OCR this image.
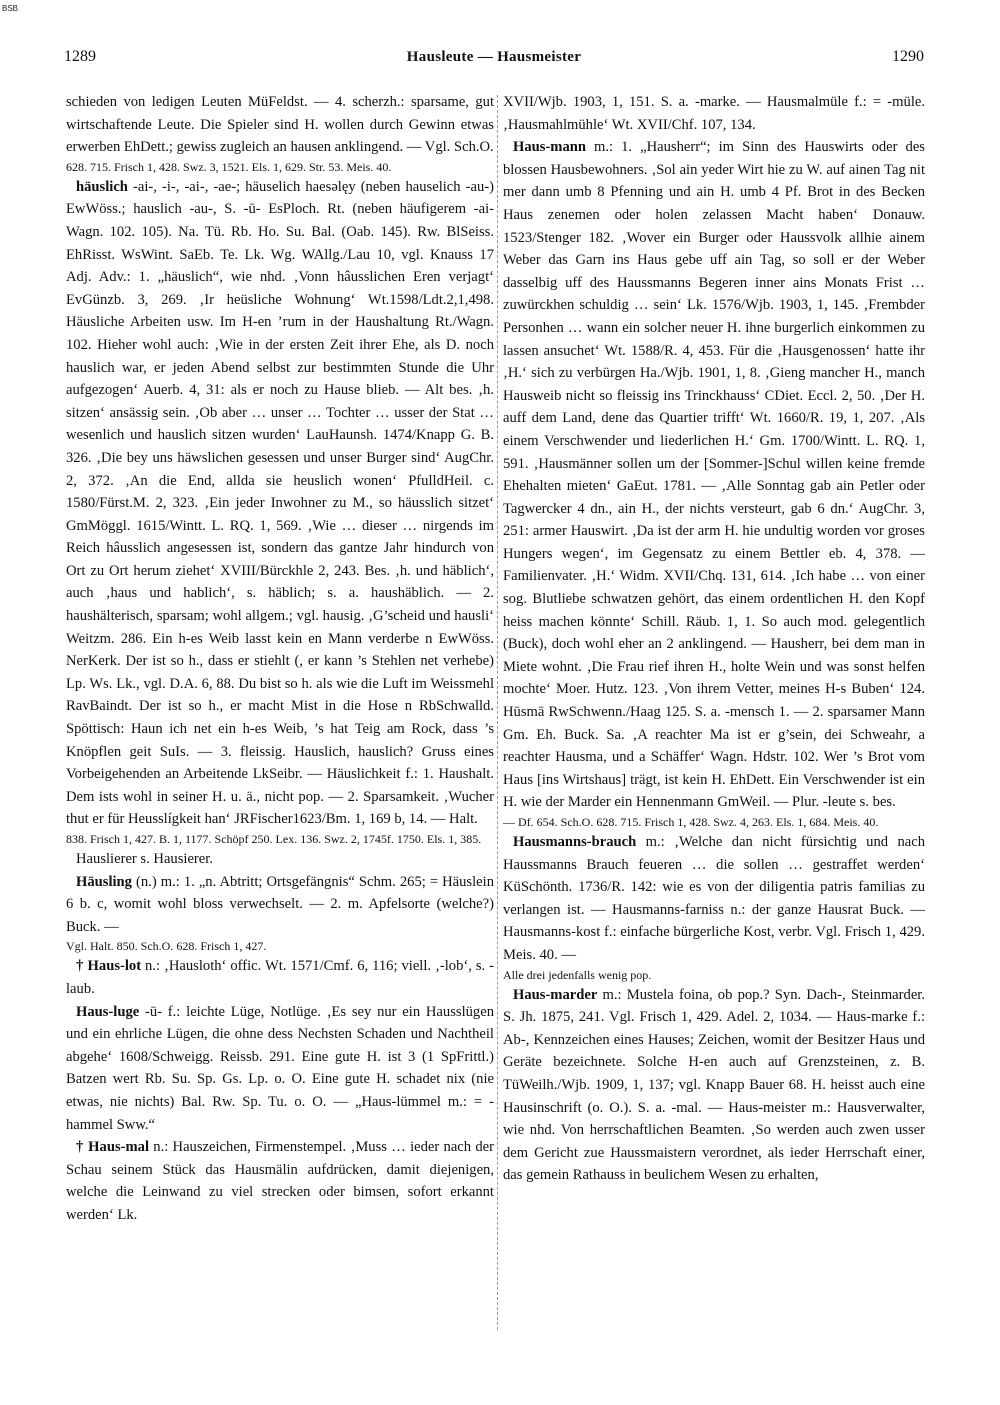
BSB
1289	Hausleute — Hausmeister	1290

schieden von ledigen Leuten MüFeldst. — 4. scherzh.: sparsame, gut wirtschaftende Leute. Die Spieler sind H. wollen durch Gewinn etwas erwerben EhDett.; gewiss zugleich an hausen anklingend. — Vgl. Sch.O.

628. 715. Frisch 1, 428. Swz. 3, 1521. Els. 1, 629. Str. 53. Meis. 40.

häuslich -ai-, -i-, -ai-, -ae-; häuselich haesəlęy (neben hauselich -au-) EwWöss.; hauslich -au-, S. -ū- EsPloch. Rt. (neben häufigerem -ai- Wagn. 102. 105). Na. Tü. Rb. Ho. Su. Bal. (Oab. 145). Rw. BlSeiss. EhRisst. WsWint. SaEb. Te. Lk. Wg. WAllg./Lau 10, vgl. Knauss 17 Adj. Adv.: 1. „häuslich“, wie nhd. ‚Vonn hâusslichen Eren verjagt‘ EvGünzb. 3, 269. ‚Ir heüsliche Wohnung‘ Wt.1598/Ldt.2,1,498. Häusliche Arbeiten usw. Im H-en ’rum in der Haushaltung Rt./Wagn. 102. Hieher wohl auch: ‚Wie in der ersten Zeit ihrer Ehe, als D. noch hauslich war, er jeden Abend selbst zur bestimmten Stunde die Uhr aufgezogen‘ Auerb. 4, 31: als er noch zu Hause blieb. — Alt bes. ‚h. sitzen‘ ansässig sein. ‚Ob aber … unser … Tochter … usser der Stat … wesenlich und hauslich sitzen wurden‘ LauHaunsh. 1474/Knapp G. B. 326. ‚Die bey uns häwslichen gesessen und unser Burger sind‘ AugChr. 2, 372. ‚An die End, allda sie heuslich wonen‘ PfulldHeil. c. 1580/Fürst.M. 2, 323. ‚Ein jeder Inwohner zu M., so häusslich sitzet‘ GmMöggl. 1615/Wintt. L. RQ. 1, 569. ‚Wie … dieser … nirgends im Reich hâusslich angesessen ist, sondern das gantze Jahr hindurch von Ort zu Ort herum ziehet‘ XVIII/Bürckhle 2, 243. Bes. ‚h. und häblich‘, auch ‚haus und hablich‘, s. häblich; s. a. haushäblich. — 2. haushälterisch, sparsam; wohl allgem.; vgl. hausig. ‚G’scheid und hausli‘ Weitzm. 286. Ein h-es Weib lasst kein en Mann verderbe n EwWöss. NerKerk. Der ist so h., dass er stiehlt (, er kann ’s Stehlen net verhebe) Lp. Ws. Lk., vgl. D.A. 6, 88. Du bist so h. als wie die Luft im Weissmehl RavBaindt. Der ist so h., er macht Mist in die Hose n RbSchwalld. Spöttisch: Haun ich net ein h-es Weib, ’s hat Teig am Rock, dass ’s Knöpflen geit SuIs. — 3. fleissig. Hauslich, hauslich? Gruss eines Vorbeigehenden an Arbeitende LkSeibr. — Häuslichkeit f.: 1. Haushalt. Dem ists wohl in seiner H. u. ä., nicht pop. — 2. Sparsamkeit. ‚Wucher thut er für Heusslígkeit han‘ JRFischer1623/Bm. 1, 169 b, 14. — Halt.

838. Frisch 1, 427. B. 1, 1177. Schöpf 250. Lex. 136. Swz. 2, 1745f. 1750. Els. 1, 385.

Hauslierer s. Hausierer.

Häusling (n.) m.: 1. „n. Abtritt; Ortsgefängnis“ Schm. 265; = Häuslein 6 b. c, womit wohl bloss verwechselt. — 2. m. Apfelsorte (welche?) Buck. —

Vgl. Halt. 850. Sch.O. 628. Frisch 1, 427.

† Haus-lot n.: ‚Hausloth‘ offic. Wt. 1571/Cmf. 6, 116; viell. ‚-lob‘, s. -laub.

Haus-luge -ū- f.: leichte Lüge, Notlüge. ‚Es sey nur ein Hausslügen und ein ehrliche Lügen, die ohne dess Nechsten Schaden und Nachtheil abgehe‘ 1608/Schweigg. Reissb. 291. Eine gute H. ist 3 (1 SpFrittl.) Batzen wert Rb. Su. Sp. Gs. Lp. o. O. Eine gute H. schadet nix (nie etwas, nie nichts) Bal. Rw. Sp. Tu. o. O. — „Haus-lümmel m.: = -hammel Sww.“

† Haus-mal n.: Hauszeichen, Firmenstempel. ‚Muss … ieder nach der Schau seinem Stück das Hausmälin aufdrücken, damit diejenigen, welche die Leinwand zu viel strecken oder bimsen, sofort erkannt werden‘ Lk.

XVII/Wjb. 1903, 1, 151. S. a. -marke. — Hausmalmüle f.: = -müle. ‚Hausmahlmühle‘ Wt. XVII/Chf. 107, 134.

Haus-mann m.: 1. „Hausherr“; im Sinn des Hauswirts oder des blossen Hausbewohners. ‚Sol ain yeder Wirt hie zu W. auf ainen Tag nit mer dann umb 8 Pfenning und ain H. umb 4 Pf. Brot in des Becken Haus zenemen oder holen zelassen Macht haben‘ Donauw. 1523/Stenger 182. ‚Wover ein Burger oder Haussvolk allhie ainem Weber das Garn ins Haus gebe uff ain Tag, so soll er der Weber dasselbig uff des Haussmanns Begeren inner ains Monats Frist … zuwürckhen schuldig … sein‘ Lk. 1576/Wjb. 1903, 1, 145. ‚Frembder Personhen … wann ein solcher neuer H. ihne burgerlich einkommen zu lassen ansuchet‘ Wt. 1588/R. 4, 453. Für die ‚Hausgenossen‘ hatte ihr ‚H.‘ sich zu verbürgen Ha./Wjb. 1901, 1, 8. ‚Gieng mancher H., manch Hausweib nicht so fleissig ins Trinckhauss‘ CDiet. Eccl. 2, 50. ‚Der H. auff dem Land, dene das Quartier trifft‘ Wt. 1660/R. 19, 1, 207. ‚Als einem Verschwender und liederlichen H.‘ Gm. 1700/Wintt. L. RQ. 1, 591. ‚Hausmänner sollen um der [Sommer-]Schul willen keine fremde Ehehalten mieten‘ GaEut. 1781. — ‚Alle Sonntag gab ain Petler oder Tagwercker 4 dn., ain H., der nichts versteurt, gab 6 dn.‘ AugChr. 3, 251: armer Hauswirt. ‚Da ist der arm H. hie undultig worden vor groses Hungers wegen‘, im Gegensatz zu einem Bettler eb. 4, 378. — Familienvater. ‚H.‘ Widm. XVII/Chq. 131, 614. ‚Ich habe … von einer sog. Blutliebe schwatzen gehört, das einem ordentlichen H. den Kopf heiss machen könnte‘ Schill. Räub. 1, 1. So auch mod. gelegentlich (Buck), doch wohl eher an 2 anklingend. — Hausherr, bei dem man in Miete wohnt. ‚Die Frau rief ihren H., holte Wein und was sonst helfen mochte‘ Moer. Hutz. 123. ‚Von ihrem Vetter, meines H-s Buben‘ 124. Hūsmā RwSchwenn./Haag 125. S. a. -mensch 1. — 2. sparsamer Mann Gm. Eh. Buck. Sa. ‚A reachter Ma ist er g’sein, dei Schweahr, a reachter Hausma, und a Schäffer‘ Wagn. Hdstr. 102. Wer ’s Brot vom Haus [ins Wirtshaus] trägt, ist kein H. EhDett. Ein Verschwender ist ein H. wie der Marder ein Hennenmann GmWeil. — Plur. -leute s. bes.

— Df. 654. Sch.O. 628. 715. Frisch 1, 428. Swz. 4, 263. Els. 1, 684. Meis. 40.

Hausmanns-brauch m.: ‚Welche dan nicht fürsichtig und nach Haussmanns Brauch feueren … die sollen … gestraffet werden‘ KüSchönth. 1736/R. 142: wie es von der diligentia patris familias zu verlangen ist. — Hausmanns-farniss n.: der ganze Hausrat Buck. — Hausmanns-kost f.: einfache bürgerliche Kost, verbr. Vgl. Frisch 1, 429. Meis. 40. —

Alle drei jedenfalls wenig pop.

Haus-marder m.: Mustela foina, ob pop.? Syn. Dach-, Steinmarder. S. Jh. 1875, 241. Vgl. Frisch 1, 429. Adel. 2, 1034. — Haus-marke f.: Ab-, Kennzeichen eines Hauses; Zeichen, womit der Besitzer Haus und Geräte bezeichnete. Solche H-en auch auf Grenzsteinen, z. B. TüWeilh./Wjb. 1909, 1, 137; vgl. Knapp Bauer 68. H. heisst auch eine Hausinschrift (o. O.). S. a. -mal. — Haus-meister m.: Hausverwalter, wie nhd. Von herrschaftlichen Beamten. ‚So werden auch zwen usser dem Gericht zue Haussmaistern verordnet, als ieder Herrschaft einer, das gemein Rathauss in beulichem Wesen zu erhalten,
